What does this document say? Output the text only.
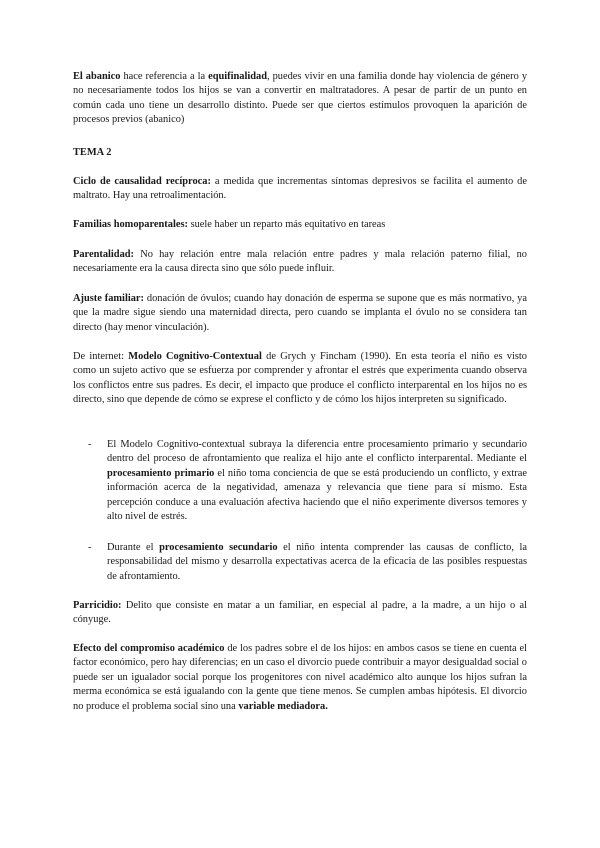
El abanico hace referencia a la equifinalidad, puedes vivir en una familia donde hay violencia de género y no necesariamente todos los hijos se van a convertir en maltratadores. A pesar de partir de un punto en común cada uno tiene un desarrollo distinto. Puede ser que ciertos estímulos provoquen la aparición de procesos previos (abanico)

TEMA 2

Ciclo de causalidad recíproca: a medida que incrementas síntomas depresivos se facilita el aumento de maltrato. Hay una retroalimentación.

Familias homoparentales: suele haber un reparto más equitativo en tareas

Parentalidad: No hay relación entre mala relación entre padres y mala relación paterno filial, no necesariamente era la causa directa sino que sólo puede influir.

Ajuste familiar: donación de óvulos; cuando hay donación de esperma se supone que es más normativo, ya que la madre sigue siendo una maternidad directa, pero cuando se implanta el óvulo no se considera tan directo (hay menor vinculación).

De internet: Modelo Cognitivo-Contextual de Grych y Fincham (1990). En esta teoría el niño es visto como un sujeto activo que se esfuerza por comprender y afrontar el estrés que experimenta cuando observa los conflictos entre sus padres. Es decir, el impacto que produce el conflicto interparental en los hijos no es directo, sino que depende de cómo se exprese el conflicto y de cómo los hijos interpreten su significado.

-	El Modelo Cognitivo-contextual subraya la diferencia entre procesamiento primario y secundario dentro del proceso de afrontamiento que realiza el hijo ante el conflicto interparental. Mediante el procesamiento primario el niño toma conciencia de que se está produciendo un conflicto, y extrae información acerca de la negatividad, amenaza y relevancia que tiene para sí mismo. Esta percepción conduce a una evaluación afectiva haciendo que el niño experimente diversos temores y alto nivel de estrés.

-	Durante el procesamiento secundario el niño intenta comprender las causas de conflicto, la responsabilidad del mismo y desarrolla expectativas acerca de la eficacia de las posibles respuestas de afrontamiento.

Parricidio: Delito que consiste en matar a un familiar, en especial al padre, a la madre, a un hijo o al cónyuge.

Efecto del compromiso académico de los padres sobre el de los hijos: en ambos casos se tiene en cuenta el factor económico, pero hay diferencias; en un caso el divorcio puede contribuir a mayor desigualdad social o puede ser un igualador social porque los progenitores con nivel académico alto aunque los hijos sufran la merma económica se está igualando con la gente que tiene menos. Se cumplen ambas hipótesis. El divorcio no produce el problema social sino una variable mediadora.
